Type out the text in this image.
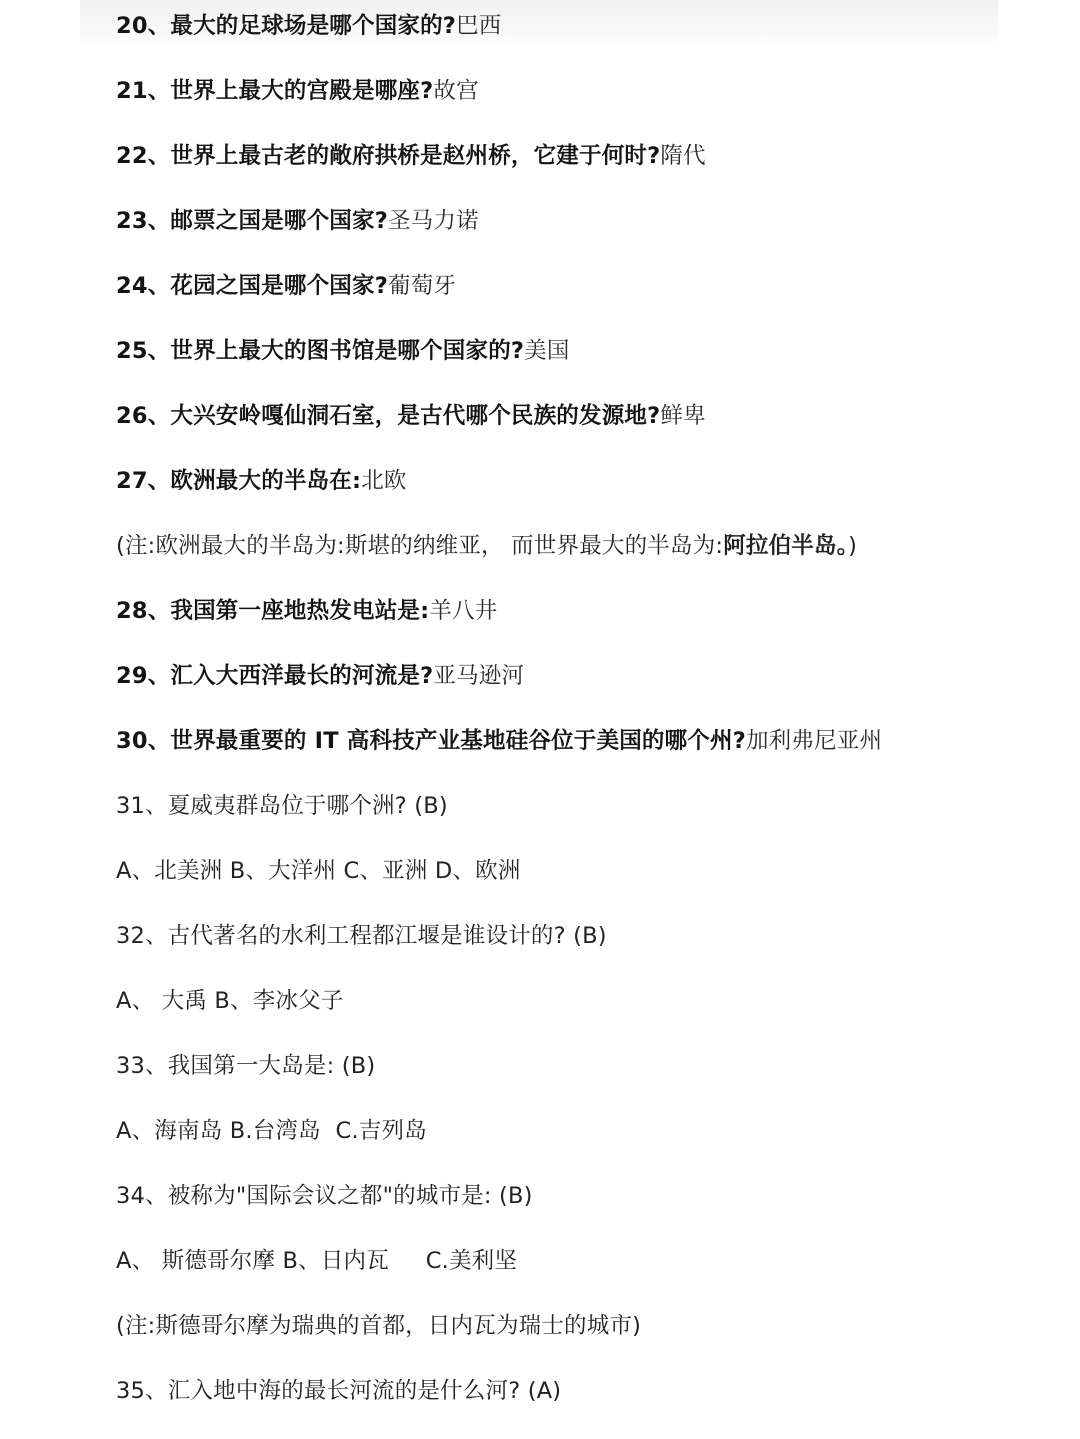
20、最大的足球场是哪个国家的?巴西
21、世界上最大的宫殿是哪座?故宫
22、世界上最古老的敞府拱桥是赵州桥，它建于何时?隋代
23、邮票之国是哪个国家?圣马力诺
24、花园之国是哪个国家?葡萄牙
25、世界上最大的图书馆是哪个国家的?美国
26、大兴安岭嘎仙洞石室，是古代哪个民族的发源地?鲜卑
27、欧洲最大的半岛在:北欧
(注:欧洲最大的半岛为:斯堪的纳维亚， 而世界最大的半岛为:阿拉伯半岛。)
28、我国第一座地热发电站是:羊八井
29、汇入大西洋最长的河流是?亚马逊河
30、世界最重要的 IT 高科技产业基地硅谷位于美国的哪个州?加利弗尼亚州
31、夏威夷群岛位于哪个洲? (B)
A、北美洲 B、大洋州 C、亚洲 D、欧洲
32、古代著名的水利工程都江堰是谁设计的? (B)
A、 大禹 B、李冰父子
33、我国第一大岛是: (B)
A、海南岛 B.台湾岛  C.吉列岛
34、被称为"国际会议之都"的城市是: (B)
A、 斯德哥尔摩 B、日内瓦     C.美利坚
(注:斯德哥尔摩为瑞典的首都，日内瓦为瑞士的城市)
35、汇入地中海的最长河流的是什么河? (A)
